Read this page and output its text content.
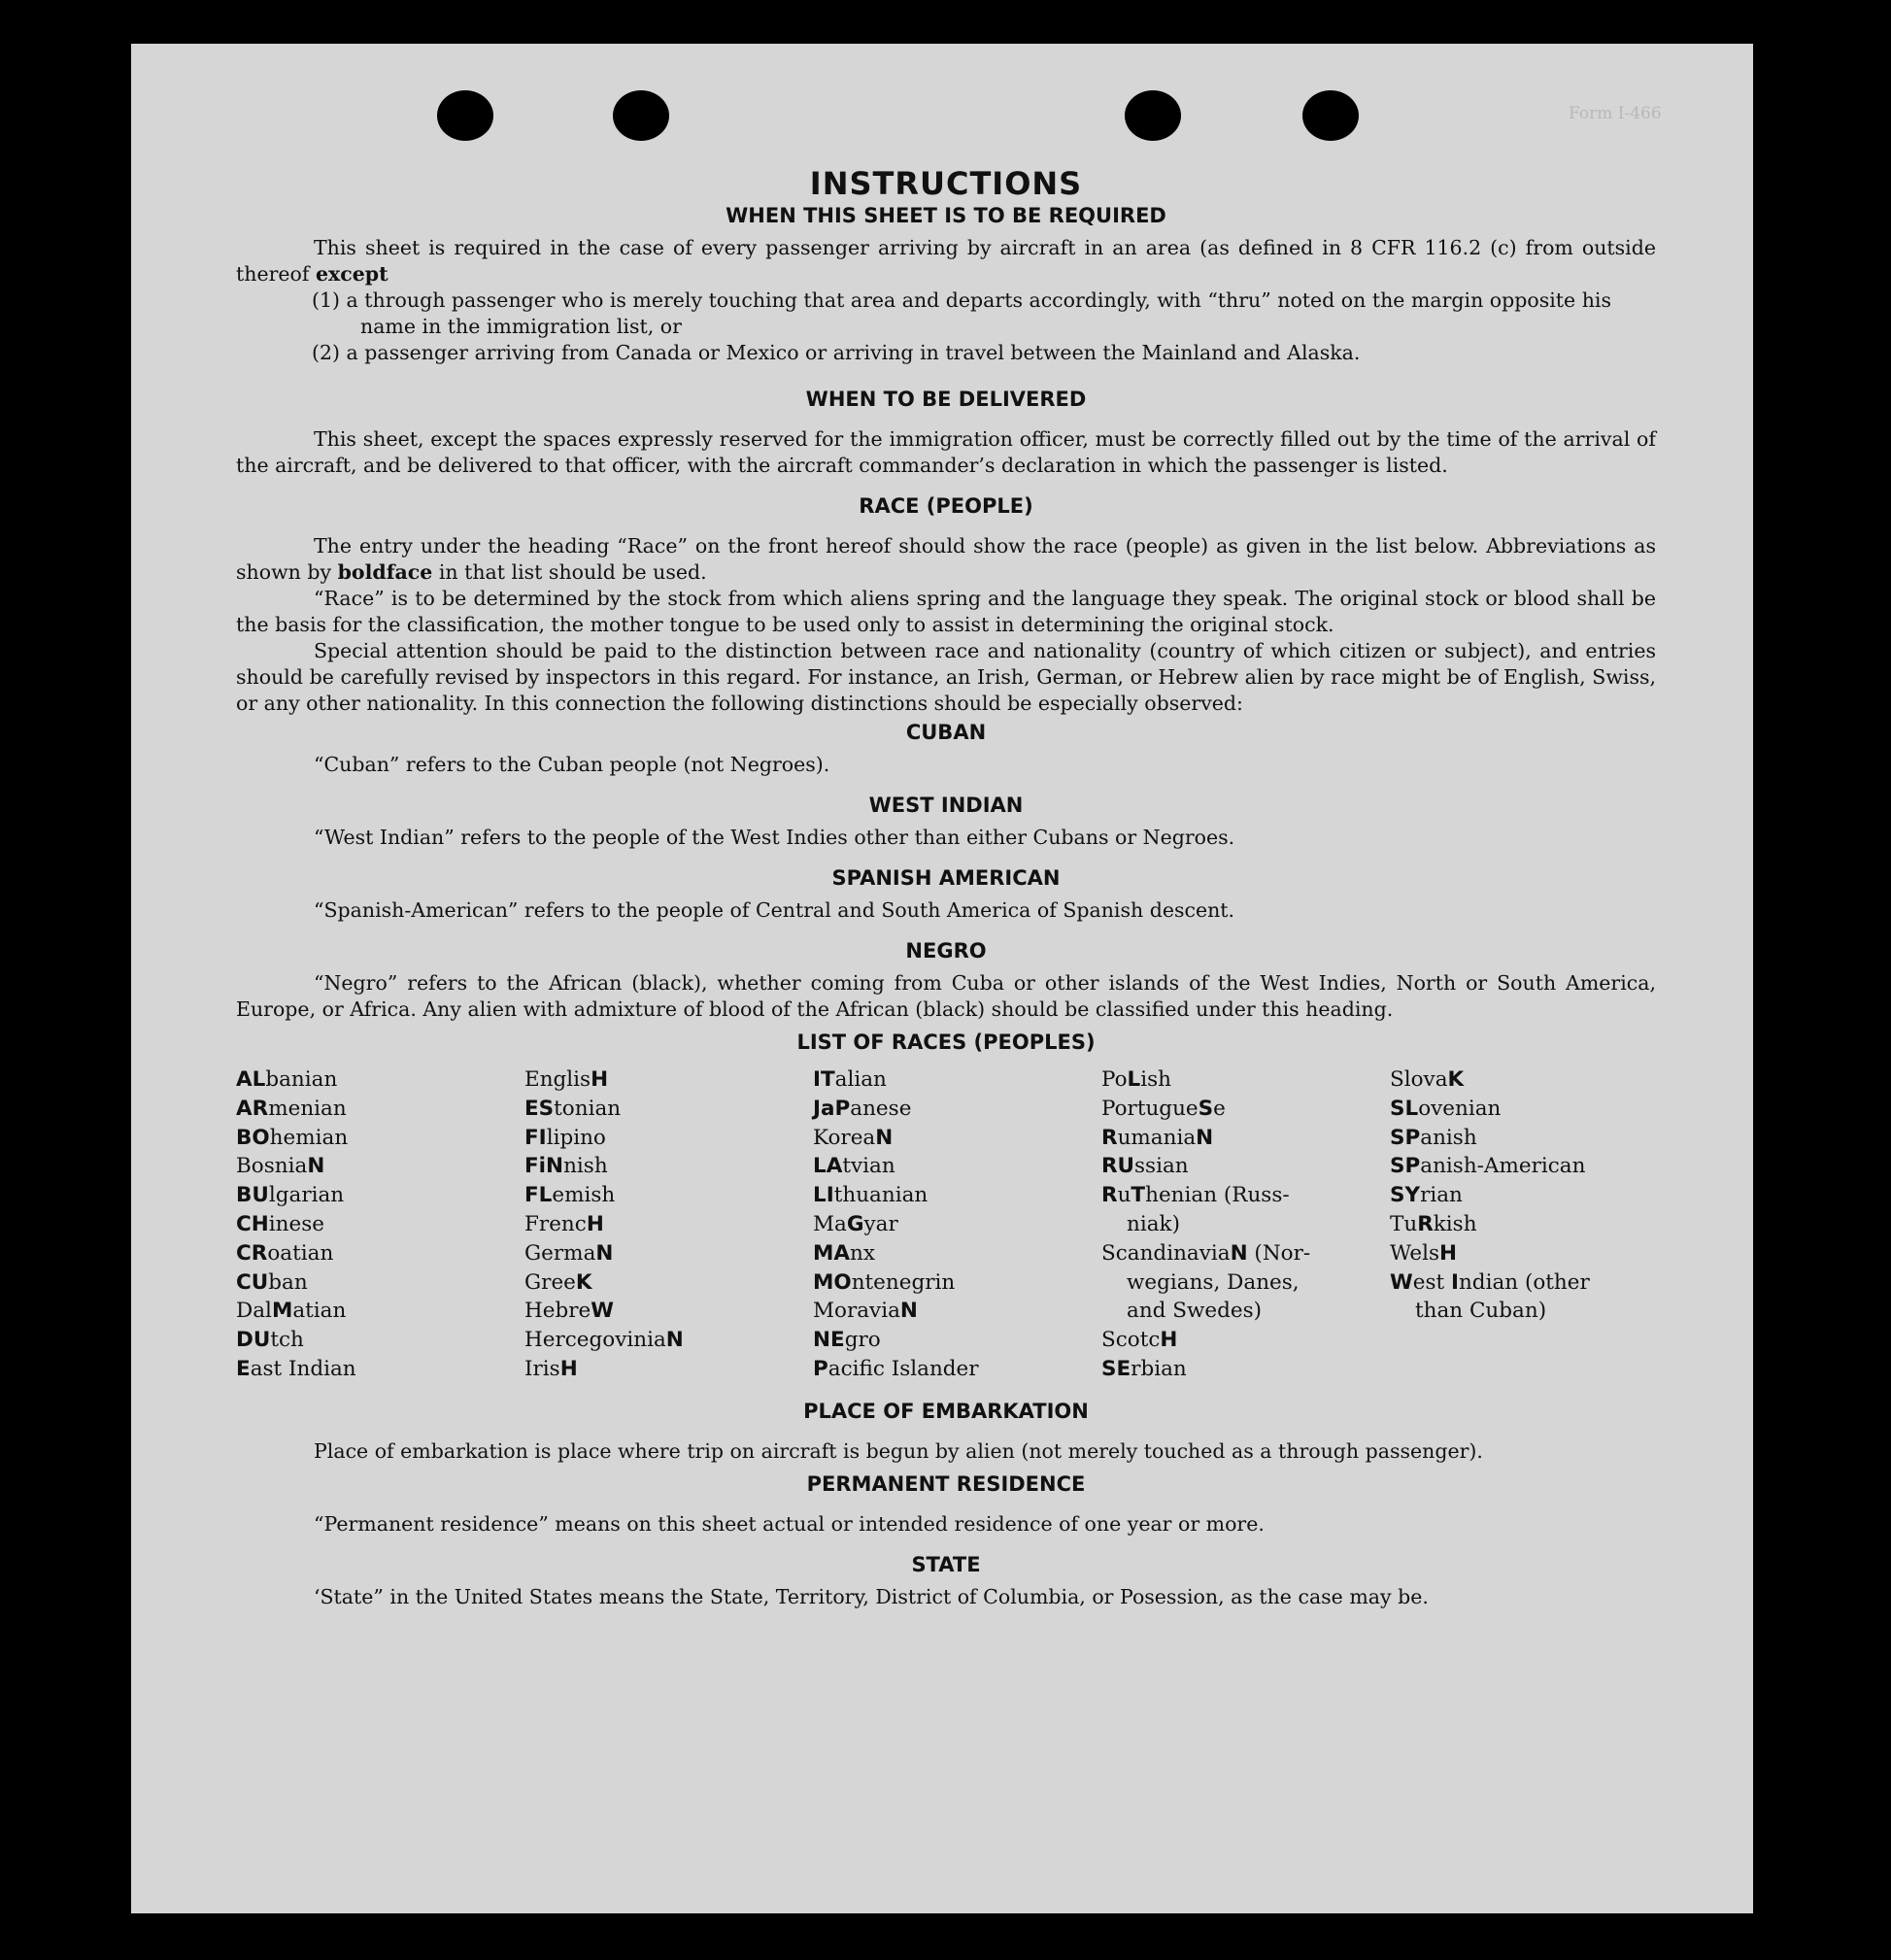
Form I-466
INSTRUCTIONS
WHEN THIS SHEET IS TO BE REQUIRED

This sheet is required in the case of every passenger arriving by aircraft in an area (as defined in 8 CFR 116.2 (c) from outside thereof except

(1) a through passenger who is merely touching that area and departs accordingly, with “thru” noted on the margin opposite his name in the immigration list, or

(2) a passenger arriving from Canada or Mexico or arriving in travel between the Mainland and Alaska.

WHEN TO BE DELIVERED

This sheet, except the spaces expressly reserved for the immigration officer, must be correctly filled out by the time of the arrival of the aircraft, and be delivered to that officer, with the aircraft commander’s declaration in which the passenger is listed.

RACE (PEOPLE)

The entry under the heading “Race” on the front hereof should show the race (people) as given in the list below. Abbreviations as shown by boldface in that list should be used.

“Race” is to be determined by the stock from which aliens spring and the language they speak. The original stock or blood shall be the basis for the classification, the mother tongue to be used only to assist in determining the original stock.

Special attention should be paid to the distinction between race and nationality (country of which citizen or subject), and entries should be carefully revised by inspectors in this regard. For instance, an Irish, German, or Hebrew alien by race might be of English, Swiss, or any other nationality. In this connection the following distinctions should be especially observed:

CUBAN

“Cuban” refers to the Cuban people (not Negroes).

WEST INDIAN

“West Indian” refers to the people of the West Indies other than either Cubans or Negroes.

SPANISH AMERICAN

“Spanish-American” refers to the people of Central and South America of Spanish descent.

NEGRO

“Negro” refers to the African (black), whether coming from Cuba or other islands of the West Indies, North or South America, Europe, or Africa. Any alien with admixture of blood of the African (black) should be classified under this heading.

LIST OF RACES (PEOPLES)
ALbanian
ARmenian
BOhemian
BosniaN
BUlgarian
CHinese
CRoatian
CUban
DalMatian
DUtch
East Indian
EnglisH
EStonian
FIlipino
FiNnish
FLemish
FrencH
GermaN
GreeK
HebreW
HercegoviniaN
IrisH
ITalian
JaPanese
KoreaN
LAtvian
LIthuanian
MaGyar
MAnx
MOntenegrin
MoraviaN
NEgro
Pacific Islander
PoLish
PortugueSe
RumaniaN
RUssian
RuThenian (Russ-
niak)
ScandinaviaN (Nor-
wegians, Danes,
and Swedes)
ScotcH
SErbian
SlovaK
SLovenian
SPanish
SPanish-American
SYrian
TuRkish
WelsH
West Indian (other
than Cuban)
PLACE OF EMBARKATION

Place of embarkation is place where trip on aircraft is begun by alien (not merely touched as a through passenger).

PERMANENT RESIDENCE

“Permanent residence” means on this sheet actual or intended residence of one year or more.

STATE

‘State” in the United States means the State, Territory, District of Columbia, or Posession, as the case may be.
